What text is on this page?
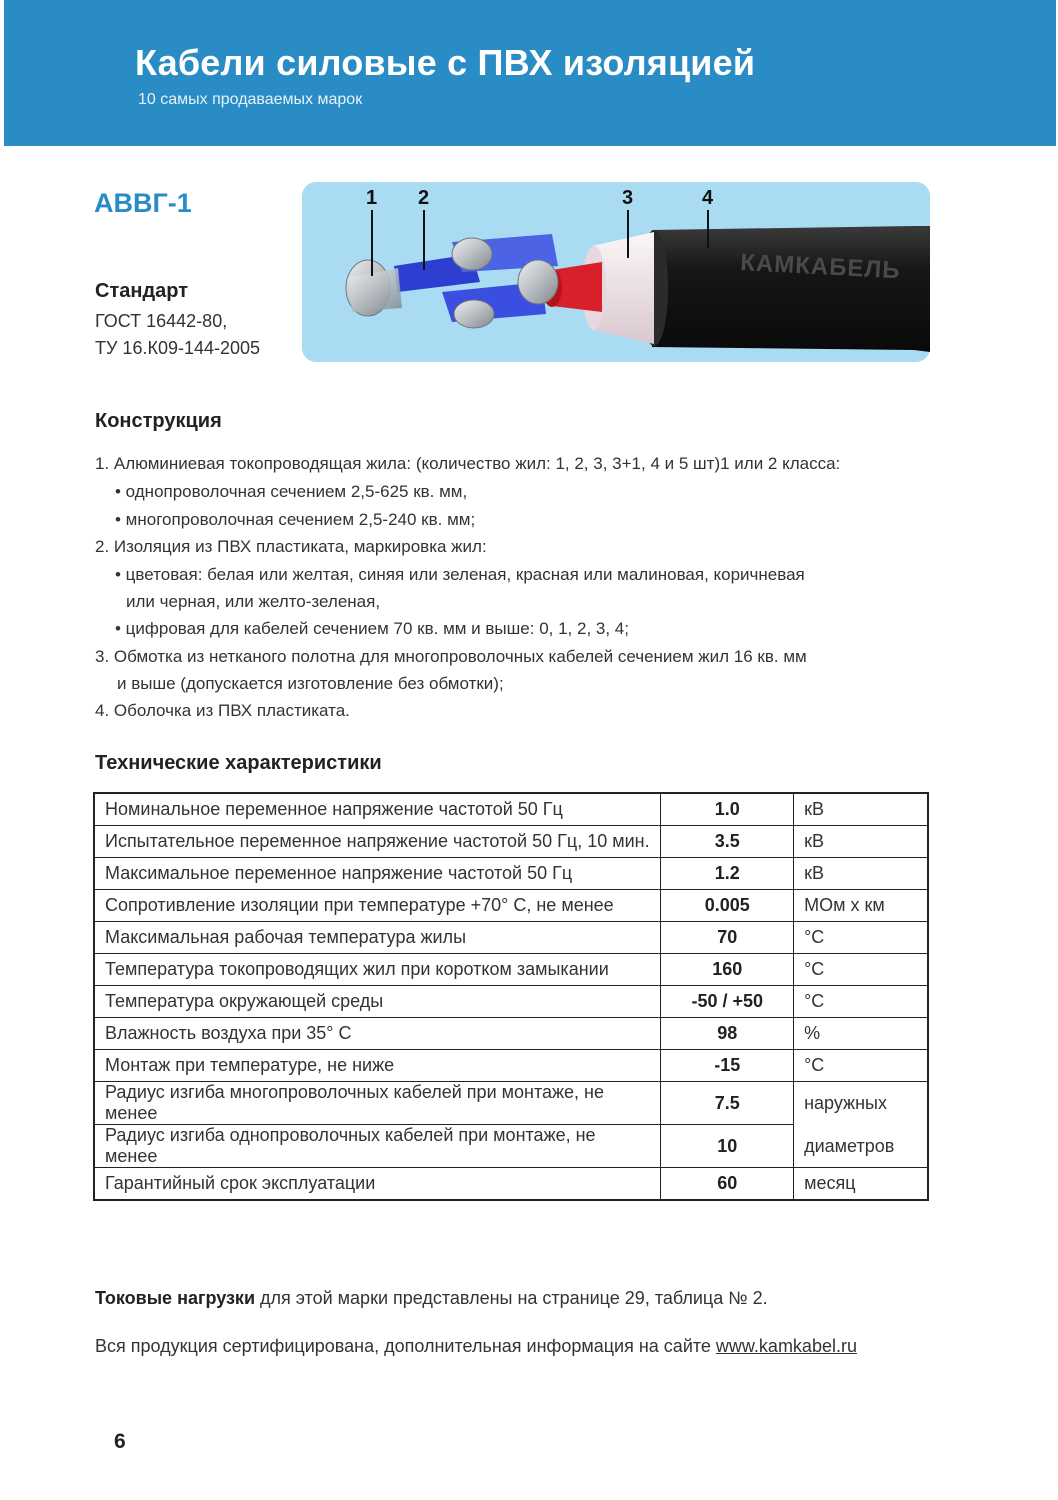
Кабели силовые с ПВХ изоляцией
10 самых продаваемых марок
АВВГ-1
Стандарт
ГОСТ 16442-80,
ТУ 16.К09-144-2005
КАМКАБЕЛЬ
1 2	3	4
Конструкция
1. Алюминиевая токопроводящая жила: (количество жил: 1, 2, 3, 3+1, 4 и 5 шт)1 или 2 класса:
• однопроволочная сечением 2,5-625 кв. мм,
• многопроволочная сечением 2,5-240 кв. мм;
2. Изоляция из ПВХ пластиката, маркировка жил:
• цветовая: белая или желтая, синяя или зеленая, красная или малиновая, коричневая
или черная, или желто-зеленая,
• цифровая для кабелей сечением 70 кв. мм и выше: 0, 1, 2, 3, 4;
3. Обмотка из нетканого полотна для многопроволочных кабелей сечением жил 16 кв. мм
и выше (допускается изготовление без обмотки);
4. Оболочка из ПВХ пластиката.
Технические характеристики
Номинальное переменное напряжение частотой 50 Гц	1.0	кВ
Испытательное переменное напряжение частотой 50 Гц, 10 мин.	3.5	кВ
Максимальное переменное напряжение частотой 50 Гц	1.2	кВ
Сопротивление изоляции при температуре +70° С, не менее	0.005	МОм х км
Максимальная рабочая температура жилы	70	°С
Температура токопроводящих жил при коротком замыкании	160	°С
Температура окружающей среды	-50 / +50	°С
Влажность воздуха при 35° С	98	%
Монтаж при температуре, не ниже	-15	°С
Радиус изгиба многопроволочных кабелей при монтаже, не менее	7.5	наружных
Радиус изгиба однопроволочных кабелей при монтаже, не менее	10	диаметров
Гарантийный срок эксплуатации	60	месяц
Токовые нагрузки для этой марки представлены на странице 29, таблица № 2.
Вся продукция сертифицирована, дополнительная информация на сайте www.kamkabel.ru
6
